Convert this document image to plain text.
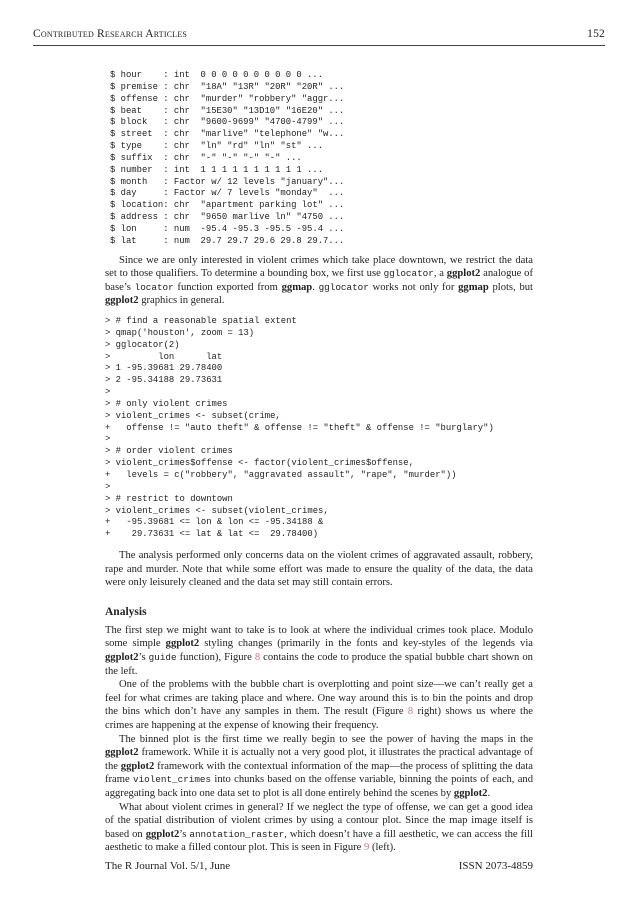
Contributed Research Articles	152
$ hour    : int  0 0 0 0 0 0 0 0 0 0 ...
$ premise : chr  "18A" "13R" "20R" "20R" ...
$ offense : chr  "murder" "robbery" "aggr...
$ beat    : chr  "15E30" "13D10" "16E20" ...
$ block   : chr  "9600-9699" "4700-4799" ...
$ street  : chr  "marlive" "telephone" "w...
$ type    : chr  "ln" "rd" "ln" "st" ...
$ suffix  : chr  "-" "-" "-" "-" ...
$ number  : int  1 1 1 1 1 1 1 1 1 1 ...
$ month   : Factor w/ 12 levels "january"...
$ day     : Factor w/ 7 levels "monday"  ...
$ location: chr  "apartment parking lot" ...
$ address : chr  "9650 marlive ln" "4750 ...
$ lon     : num  -95.4 -95.3 -95.5 -95.4 ...
$ lat     : num  29.7 29.7 29.6 29.8 29.7...

Since we are only interested in violent crimes which take place downtown, we restrict the data set to those qualifiers. To determine a bounding box, we first use gglocator, a ggplot2 analogue of base’s locator function exported from ggmap. gglocator works not only for ggmap plots, but ggplot2 graphics in general.

> # find a reasonable spatial extent
> qmap('houston', zoom = 13)
> gglocator(2)
>         lon      lat
> 1 -95.39681 29.78400
> 2 -95.34188 29.73631
>
> # only violent crimes
> violent_crimes <- subset(crime,
+   offense != "auto theft" & offense != "theft" & offense != "burglary")
>
> # order violent crimes
> violent_crimes$offense <- factor(violent_crimes$offense,
+   levels = c("robbery", "aggravated assault", "rape", "murder"))
>
> # restrict to downtown
> violent_crimes <- subset(violent_crimes,
+   -95.39681 <= lon & lon <= -95.34188 &
+    29.73631 <= lat & lat <=  29.78400)

The analysis performed only concerns data on the violent crimes of aggravated assault, robbery, rape and murder. Note that while some effort was made to ensure the quality of the data, the data were only leisurely cleaned and the data set may still contain errors.

Analysis

The first step we might want to take is to look at where the individual crimes took place. Modulo some simple ggplot2 styling changes (primarily in the fonts and key-styles of the legends via ggplot2’s guide function), Figure 8 contains the code to produce the spatial bubble chart shown on the left.

One of the problems with the bubble chart is overplotting and point size—we can’t really get a feel for what crimes are taking place and where. One way around this is to bin the points and drop the bins which don’t have any samples in them. The result (Figure 8 right) shows us where the crimes are happening at the expense of knowing their frequency.

The binned plot is the first time we really begin to see the power of having the maps in the ggplot2 framework. While it is actually not a very good plot, it illustrates the practical advantage of the ggplot2 framework with the contextual information of the map—the process of splitting the data frame violent_crimes into chunks based on the offense variable, binning the points of each, and aggregating back into one data set to plot is all done entirely behind the scenes by ggplot2.

What about violent crimes in general? If we neglect the type of offense, we can get a good idea of the spatial distribution of violent crimes by using a contour plot. Since the map image itself is based on ggplot2’s annotation_raster, which doesn’t have a fill aesthetic, we can access the fill aesthetic to make a filled contour plot. This is seen in Figure 9 (left).

The R Journal Vol. 5/1, June	ISSN 2073-4859
